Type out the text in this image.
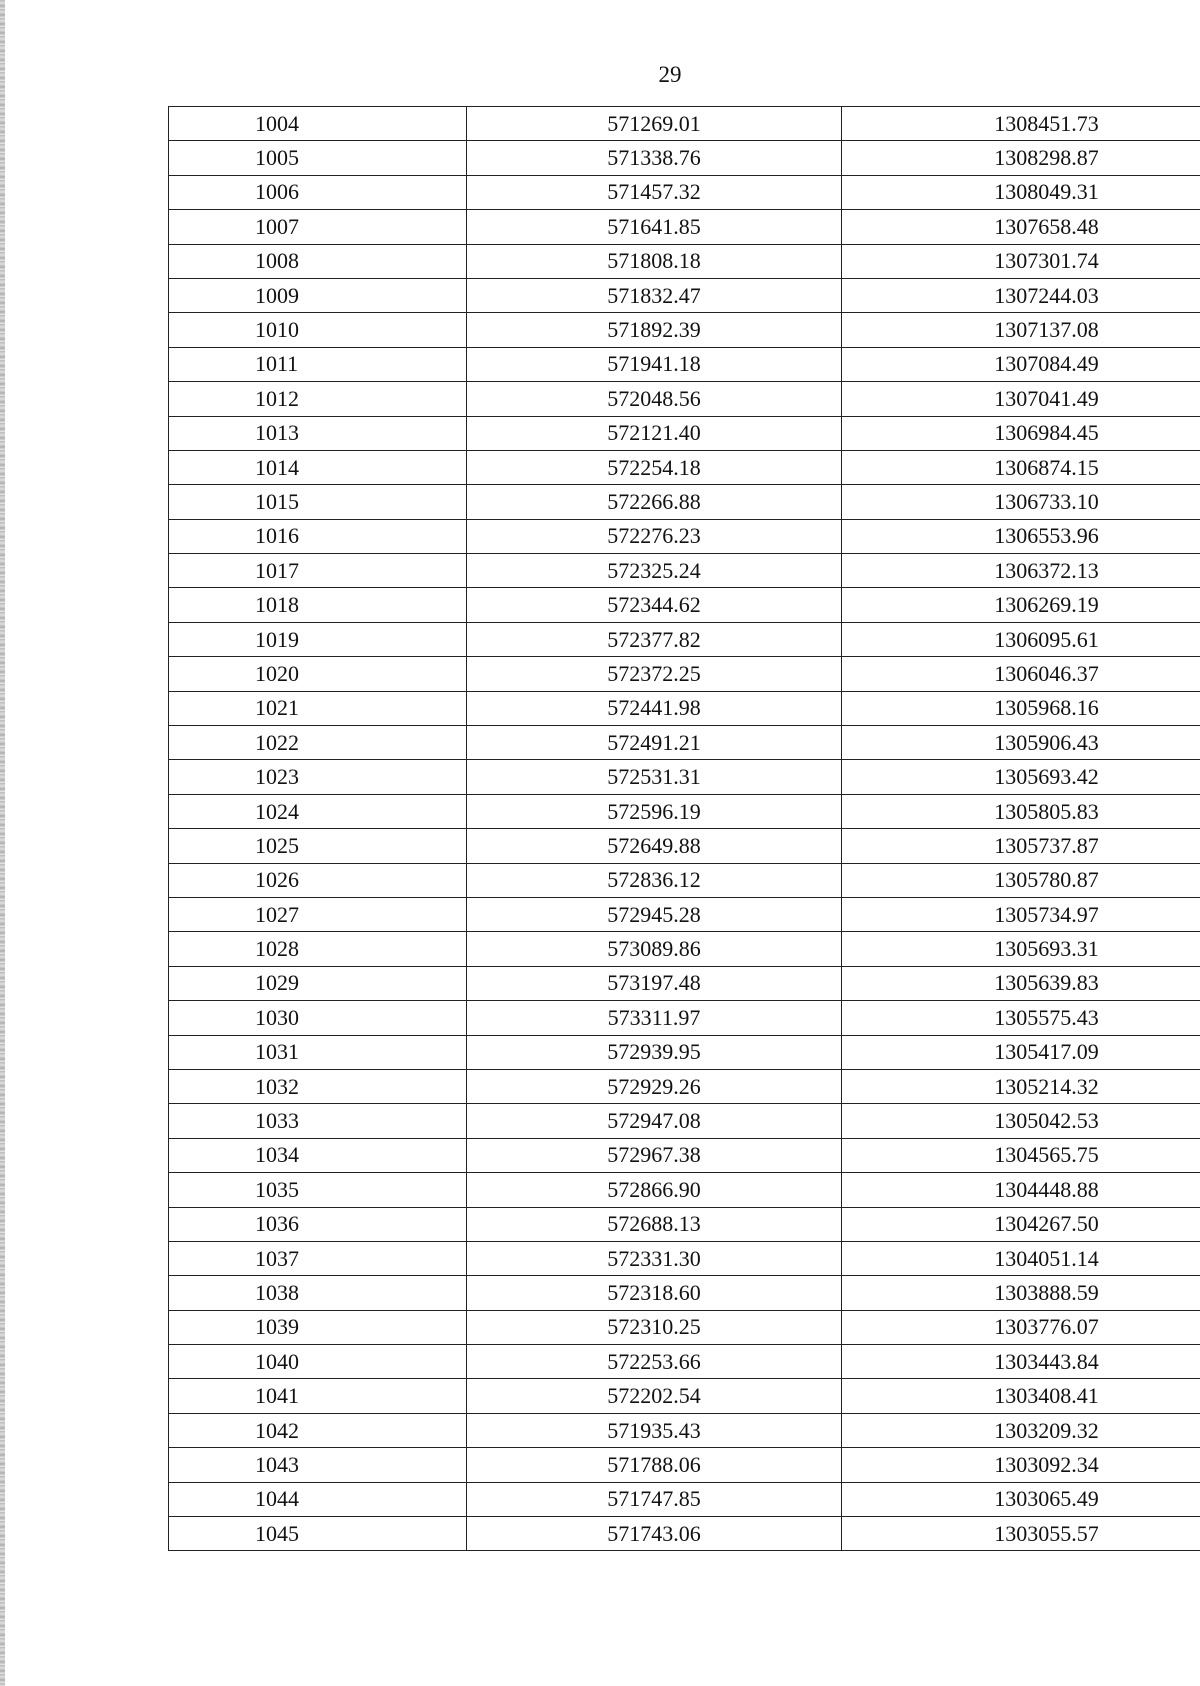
29
1004	571269.01	1308451.73
1005	571338.76	1308298.87
1006	571457.32	1308049.31
1007	571641.85	1307658.48
1008	571808.18	1307301.74
1009	571832.47	1307244.03
1010	571892.39	1307137.08
1011	571941.18	1307084.49
1012	572048.56	1307041.49
1013	572121.40	1306984.45
1014	572254.18	1306874.15
1015	572266.88	1306733.10
1016	572276.23	1306553.96
1017	572325.24	1306372.13
1018	572344.62	1306269.19
1019	572377.82	1306095.61
1020	572372.25	1306046.37
1021	572441.98	1305968.16
1022	572491.21	1305906.43
1023	572531.31	1305693.42
1024	572596.19	1305805.83
1025	572649.88	1305737.87
1026	572836.12	1305780.87
1027	572945.28	1305734.97
1028	573089.86	1305693.31
1029	573197.48	1305639.83
1030	573311.97	1305575.43
1031	572939.95	1305417.09
1032	572929.26	1305214.32
1033	572947.08	1305042.53
1034	572967.38	1304565.75
1035	572866.90	1304448.88
1036	572688.13	1304267.50
1037	572331.30	1304051.14
1038	572318.60	1303888.59
1039	572310.25	1303776.07
1040	572253.66	1303443.84
1041	572202.54	1303408.41
1042	571935.43	1303209.32
1043	571788.06	1303092.34
1044	571747.85	1303065.49
1045	571743.06	1303055.57
